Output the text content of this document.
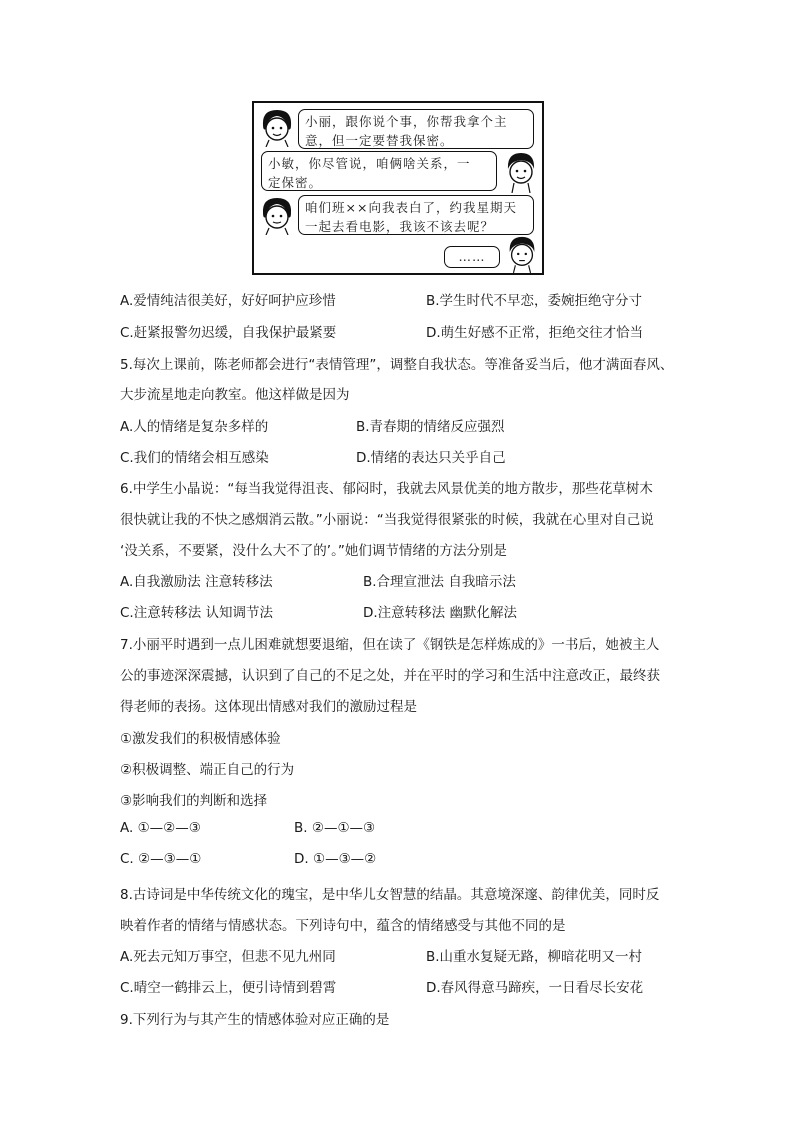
小丽，跟你说个事，你帮我拿个主
意，但一定要替我保密。
小敏，你尽管说，咱俩啥关系，一
定保密。
咱们班××向我表白了，约我星期天
一起去看电影，我该不该去呢？
……
A.爱情纯洁很美好，好好呵护应珍惜	B.学生时代不早恋，委婉拒绝守分寸
C.赶紧报警勿迟缓，自我保护最紧要	D.萌生好感不正常，拒绝交往才恰当
5.每次上课前，陈老师都会进行“表情管理”，调整自我状态。等准备妥当后，他才满面春风、
大步流星地走向教室。他这样做是因为
A.人的情绪是复杂多样的	B.青春期的情绪反应强烈
C.我们的情绪会相互感染	D.情绪的表达只关乎自己
6.中学生小晶说：“每当我觉得沮丧、郁闷时，我就去风景优美的地方散步，那些花草树木
很快就让我的不快之感烟消云散。”小丽说：“当我觉得很紧张的时候，我就在心里对自己说
‘没关系，不要紧，没什么大不了的’。”她们调节情绪的方法分别是
A.自我激励法 注意转移法	B.合理宣泄法 自我暗示法
C.注意转移法 认知调节法	D.注意转移法 幽默化解法
7.小丽平时遇到一点儿困难就想要退缩，但在读了《钢铁是怎样炼成的》一书后，她被主人
公的事迹深深震撼，认识到了自己的不足之处，并在平时的学习和生活中注意改正，最终获
得老师的表扬。这体现出情感对我们的激励过程是
①激发我们的积极情感体验
②积极调整、端正自己的行为
③影响我们的判断和选择
A. ①—②—③	B. ②—①—③
C. ②—③—①	D. ①—③—②
8.古诗词是中华传统文化的瑰宝，是中华儿女智慧的结晶。其意境深邃、韵律优美，同时反
映着作者的情绪与情感状态。下列诗句中，蕴含的情绪感受与其他不同的是
A.死去元知万事空，但悲不见九州同	B.山重水复疑无路，柳暗花明又一村
C.晴空一鹤排云上，便引诗情到碧霄	D.春风得意马蹄疾，一日看尽长安花
9.下列行为与其产生的情感体验对应正确的是
